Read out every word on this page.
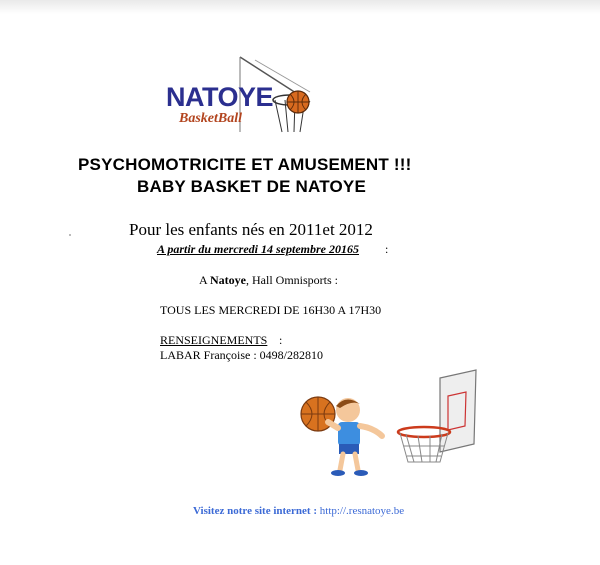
NATOYE
BasketBall
PSYCHOMOTRICITE ET AMUSEMENT !!!
BABY BASKET DE NATOYE
Pour les enfants nés en 2011et 2012
A partir du mercredi 14 septembre 20165 :
A Natoye, Hall Omnisports :
TOUS LES MERCREDI DE 16H30 A 17H30
RENSEIGNEMENTS :
LABAR Françoise : 0498/282810
Visitez notre site internet : http://.resnatoye.be
